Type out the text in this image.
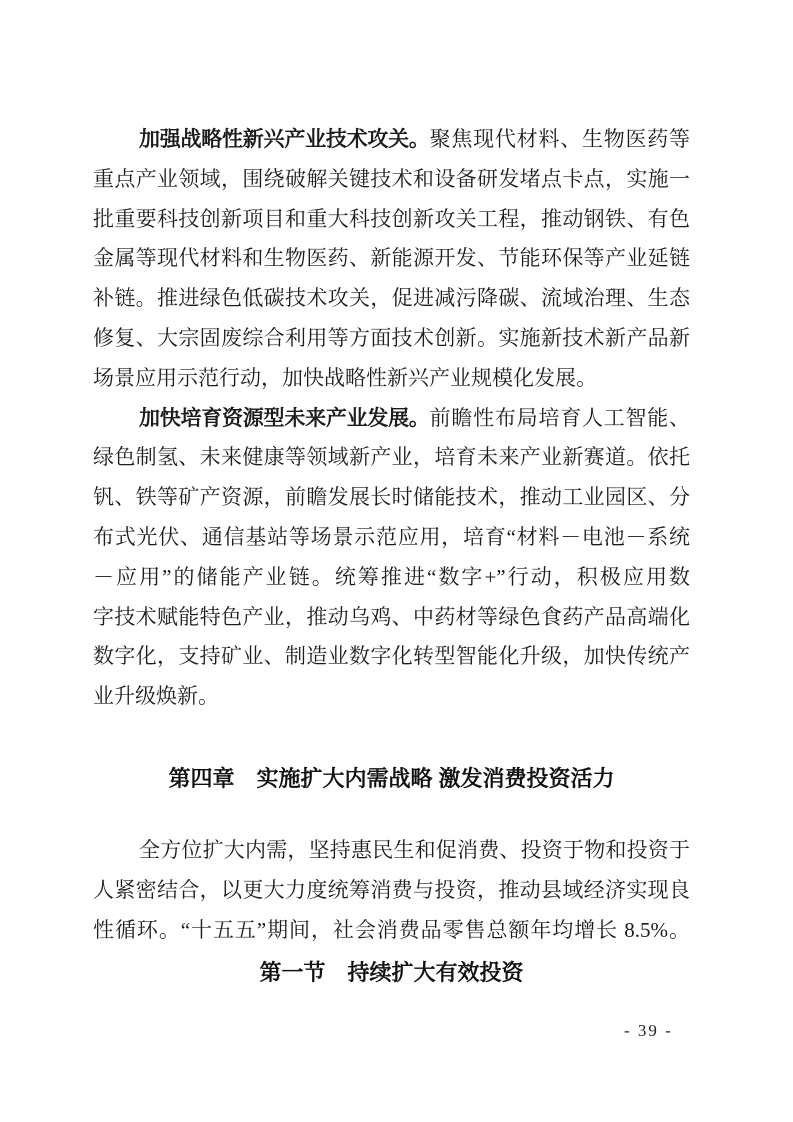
加强战略性新兴产业技术攻关。聚焦现代材料、生物医药等
重点产业领域，围绕破解关键技术和设备研发堵点卡点，实施一
批重要科技创新项目和重大科技创新攻关工程，推动钢铁、有色
金属等现代材料和生物医药、新能源开发、节能环保等产业延链
补链。推进绿色低碳技术攻关，促进减污降碳、流域治理、生态
修复、大宗固废综合利用等方面技术创新。实施新技术新产品新
场景应用示范行动，加快战略性新兴产业规模化发展。
加快培育资源型未来产业发展。前瞻性布局培育人工智能、
绿色制氢、未来健康等领域新产业，培育未来产业新赛道。依托
钒、铁等矿产资源，前瞻发展长时储能技术，推动工业园区、分
布式光伏、通信基站等场景示范应用，培育“材料－电池－系统
－应用”的储能产业链。统筹推进“数字+”行动，积极应用数
字技术赋能特色产业，推动乌鸡、中药材等绿色食药产品高端化
数字化，支持矿业、制造业数字化转型智能化升级，加快传统产
业升级焕新。
第四章　实施扩大内需战略 激发消费投资活力
全方位扩大内需，坚持惠民生和促消费、投资于物和投资于
人紧密结合，以更大力度统筹消费与投资，推动县域经济实现良
性循环。“十五五”期间，社会消费品零售总额年均增长 8.5%。
第一节　持续扩大有效投资
- 39 -
